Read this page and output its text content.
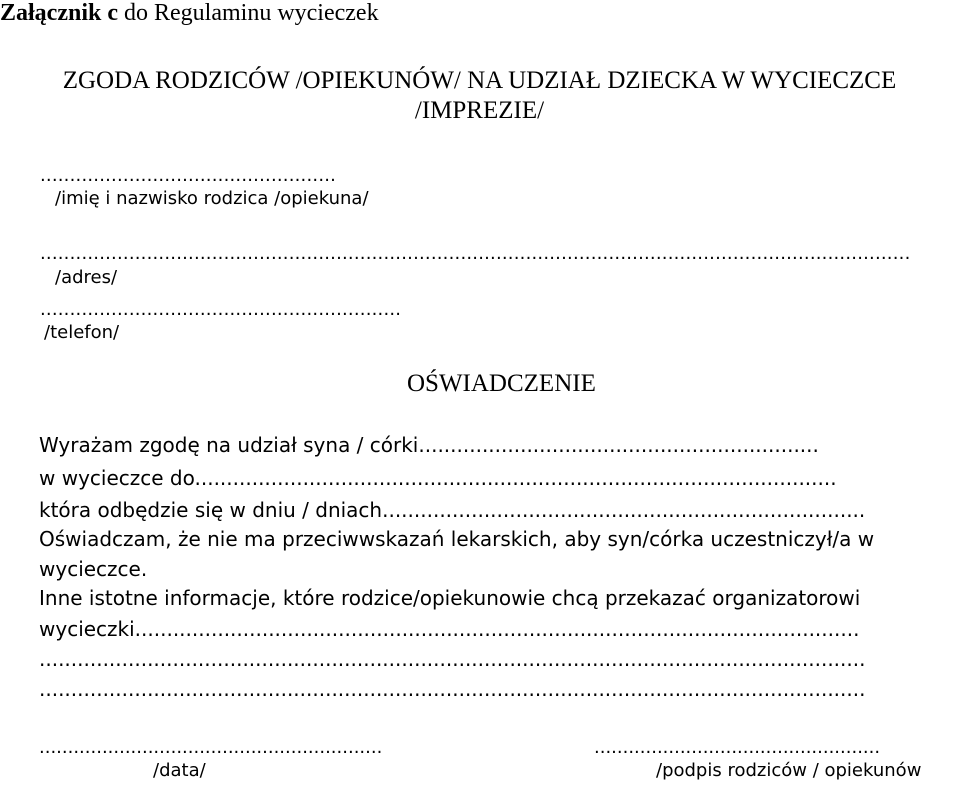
Załącznik c do Regulaminu wycieczek
ZGODA RODZICÓW /OPIEKUNÓW/ NA UDZIAŁ DZIECKA W WYCIECZCE
/IMPREZIE/
..................................................
/imię i nazwisko rodzica /opiekuna/
...................................................................................................................................................
/adres/
.............................................................
/telefon/
OŚWIADCZENIE
Wyrażam zgodę na udział syna / córki...............................................................
w wycieczce do.....................................................................................................
która odbędzie się w dniu / dniach............................................................................
Oświadczam, że nie ma przeciwwskazań lekarskich, aby syn/córka uczestniczył/a w
wycieczce.
Inne istotne informacje, które rodzice/opiekunowie chcą przekazać organizatorowi
wycieczki..................................................................................................................
..................................................................................................................................
..................................................................................................................................
............................................................	..................................................
/data/	/podpis rodziców / opiekunów
